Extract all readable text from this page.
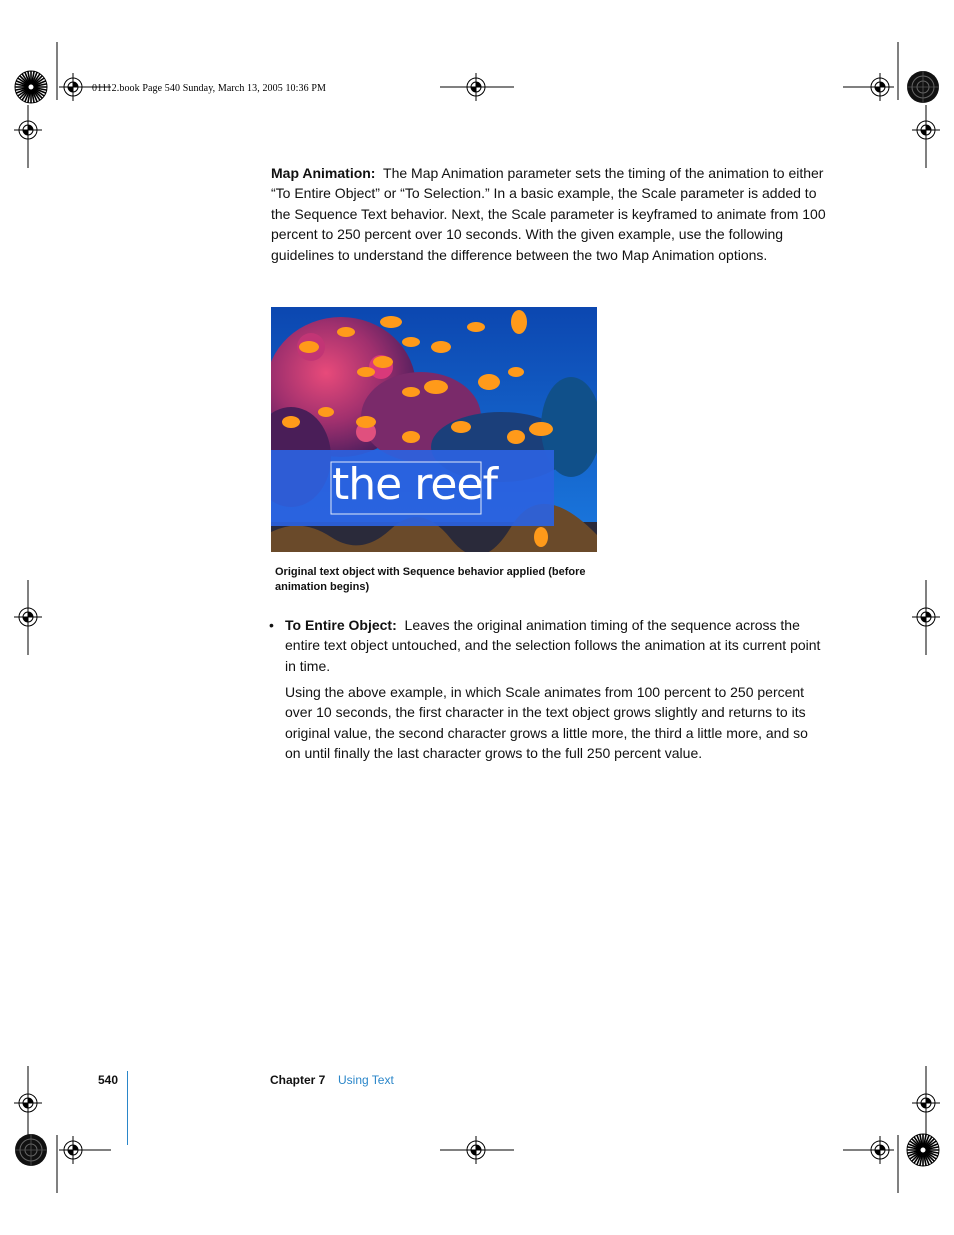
01112.book Page 540 Sunday, March 13, 2005 10:36 PM
Map Animation: The Map Animation parameter sets the timing of the animation to either “To Entire Object” or “To Selection.” In a basic example, the Scale parameter is added to the Sequence Text behavior. Next, the Scale parameter is keyframed to animate from 100 percent to 250 percent over 10 seconds. With the given example, use the following guidelines to understand the difference between the two Map Animation options.
the reef
Original text object with Sequence behavior applied (before animation begins)
• To Entire Object: Leaves the original animation timing of the sequence across the entire text object untouched, and the selection follows the animation at its current point in time.
Using the above example, in which Scale animates from 100 percent to 250 percent over 10 seconds, the first character in the text object grows slightly and returns to its original value, the second character grows a little more, the third a little more, and so on until finally the last character grows to the full 250 percent value.
540	Chapter 7 Using Text
